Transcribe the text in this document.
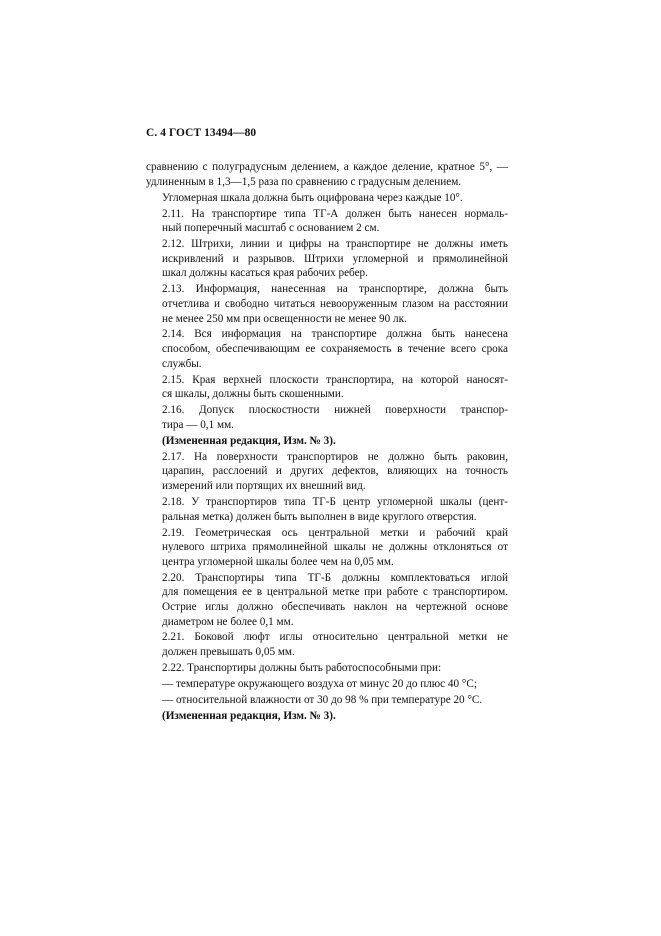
С. 4 ГОСТ 13494—80
сравнению с полуградусным делением, а каждое деление, кратное 5°, —
удлиненным в 1,3—1,5 раза по сравнению с градусным делением.
Угломерная шкала должна быть оцифрована через каждые 10°.
2.11. На транспортире типа ТГ-А должен быть нанесен нормаль-
ный поперечный масштаб с основанием 2 см.
2.12. Штрихи, линии и цифры на транспортире не должны иметь
искривлений и разрывов. Штрихи угломерной и прямолинейной
шкал должны касаться края рабочих ребер.
2.13. Информация, нанесенная на транспортире, должна быть
отчетлива и свободно читаться невооруженным глазом на расстоянии
не менее 250 мм при освещенности не менее 90 лк.
2.14. Вся информация на транспортире должна быть нанесена
способом, обеспечивающим ее сохраняемость в течение всего срока
службы.
2.15. Края верхней плоскости транспортира, на которой наносят-
ся шкалы, должны быть скошенными.
2.16. Допуск плоскостности нижней поверхности транспор-
тира — 0,1 мм.
(Измененная редакция, Изм. № 3).
2.17. На поверхности транспортиров не должно быть раковин,
царапин, расслоений и других дефектов, влияющих на точность
измерений или портящих их внешний вид.
2.18. У транспортиров типа ТГ-Б центр угломерной шкалы (цент-
ральная метка) должен быть выполнен в виде круглого отверстия.
2.19. Геометрическая ось центральной метки и рабочий край
нулевого штриха прямолинейной шкалы не должны отклоняться от
центра угломерной шкалы более чем на 0,05 мм.
2.20. Транспортиры типа ТГ-Б должны комплектоваться иглой
для помещения ее в центральной метке при работе с транспортиром.
Острие иглы должно обеспечивать наклон на чертежной основе
диаметром не более 0,1 мм.
2.21. Боковой люфт иглы относительно центральной метки не
должен превышать 0,05 мм.
2.22. Транспортиры должны быть работоспособными при:
— температуре окружающего воздуха от минус 20 до плюс 40 °С;
— относительной влажности от 30 до 98 % при температуре 20 °С.
(Измененная редакция, Изм. № 3).
